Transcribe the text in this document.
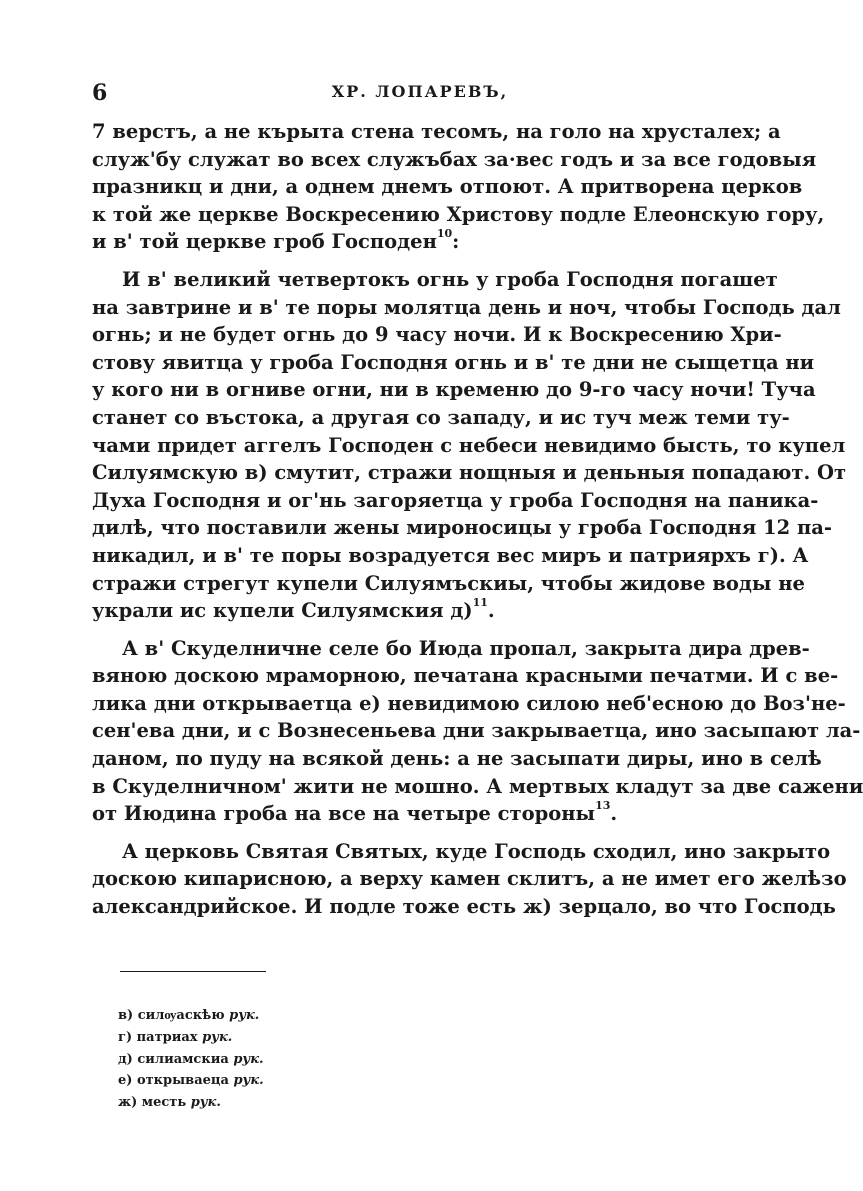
6	ХР. ЛОПАРЕВЪ,
7 верстъ, а не кърыта стена тесомъ, на голо на хрусталех; а
служ'бу служат во всех служъбах за·вес годъ и за все годовыя
празникц и дни, а однем днемъ отпоют. А притворена церков
к той же церкве Воскресению Христову подле Елеонскую гору,
и в' той церкве гроб Господен$^{10}$:
И в' великий четвертокъ огнь у гроба Господня погашет
на завтрине и в' те поры молятца день и ноч, чтобы Господь дал
огнь; и не будет огнь до 9 часу ночи. И к Воскресению Хри-
стову явитца у гроба Господня огнь и в' те дни не сыщетца ни
у кого ни в огниве огни, ни в кременю до 9-го часу ночи! Туча
станет со въстока, а другая со западу, и ис туч меж теми ту-
чами придет аггелъ Господен с небеси невидимо бысть, то купел
Силуямскую в) смутит, стражи нощныя и деньныя попадают. От
Духа Господня и ог'нь загоряетца у гроба Господня на паникa-
дилѣ, что поставили жены мироносицы у гроба Господня 12 па-
никадил, и в' те поры возрадуется вес миръ и патриярхъ г). А
стражи стрегут купели Силуямъскиы, чтобы жидове воды не
украли ис купели Силуямския д)$^{11}$.
А в' Скуделничне селе бо Июда пропал, закрыта дира древ-
вяною доскою мраморною, печатана красными печатми. И с ве-
лика дни открываетца е) невидимою силою неб'есною до Воз'не-
сен'ева дни, и с Вознесеньева дни закрываетца, ино засыпают ла-
даном, по пуду на всякой день: а не засыпати диры, ино в селѣ
в Скуделничном' жити не мошно. А мертвых кладут за две сажени
от Июдина гроба на все на четыре стороны$^{13}$.
А церковь Святая Святых, куде Господь сходил, ино закрыто
доскою кипарисною, а верху камен склитъ, а не имет его желѣзо
александрийское. И подле тоже есть ж) зерцало, во что Господь
в) силѹаскѣю рук.
г) патриах рук.
д) силиамскиа рук.
е) открываеца рук.
ж) месть рук.
